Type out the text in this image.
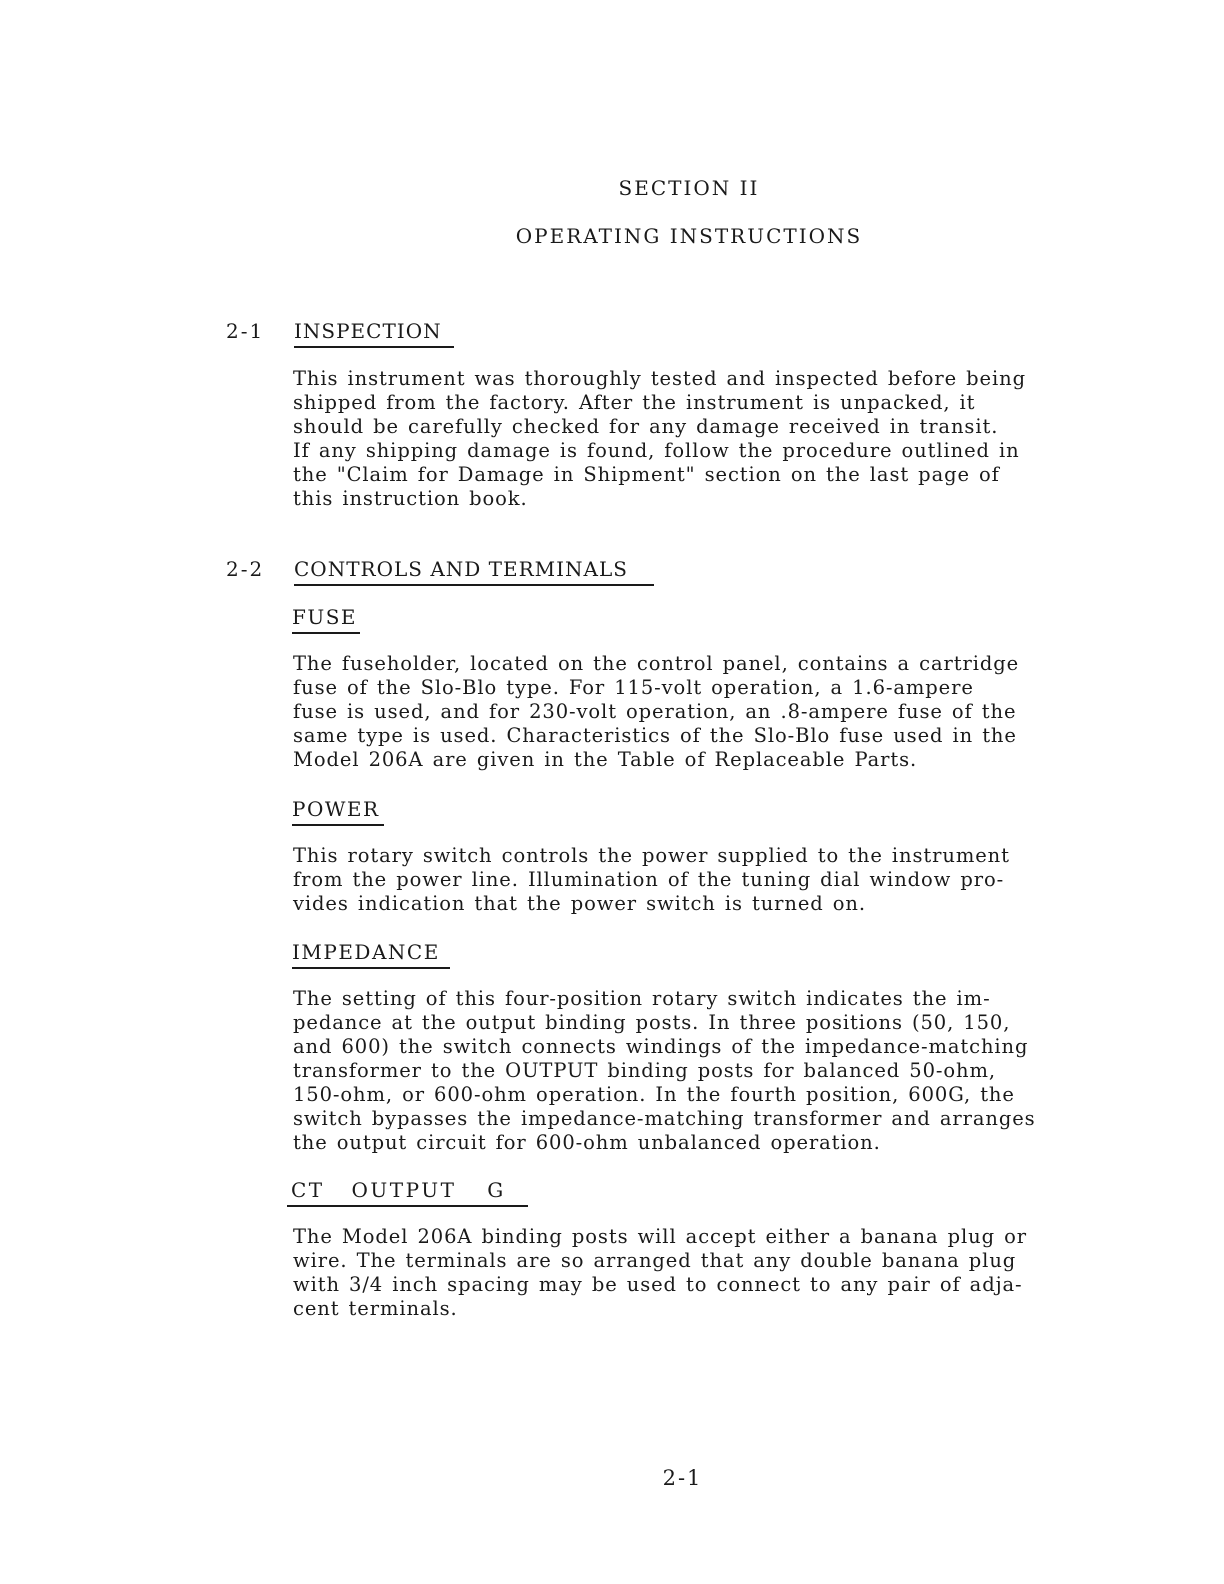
SECTION II
OPERATING INSTRUCTIONS
2-1 INSPECTION
This instrument was thoroughly tested and inspected before being
shipped from the factory. After the instrument is unpacked, it
should be carefully checked for any damage received in transit.
If any shipping damage is found, follow the procedure outlined in
the "Claim for Damage in Shipment" section on the last page of
this instruction book.
2-2 CONTROLS AND TERMINALS
FUSE
The fuseholder, located on the control panel, contains a cartridge
fuse of the Slo-Blo type. For 115-volt operation, a 1.6-ampere
fuse is used, and for 230-volt operation, an .8-ampere fuse of the
same type is used. Characteristics of the Slo-Blo fuse used in the
Model 206A are given in the Table of Replaceable Parts.
POWER
This rotary switch controls the power supplied to the instrument
from the power line. Illumination of the tuning dial window pro-
vides indication that the power switch is turned on.
IMPEDANCE
The setting of this four-position rotary switch indicates the im-
pedance at the output binding posts. In three positions (50, 150,
and 600) the switch connects windings of the impedance-matching
transformer to the OUTPUT binding posts for balanced 50-ohm,
150-ohm, or 600-ohm operation. In the fourth position, 600G, the
switch bypasses the impedance-matching transformer and arranges
the output circuit for 600-ohm unbalanced operation.
CT OUTPUT G
The Model 206A binding posts will accept either a banana plug or
wire. The terminals are so arranged that any double banana plug
with 3/4 inch spacing may be used to connect to any pair of adja-
cent terminals.
2-1
